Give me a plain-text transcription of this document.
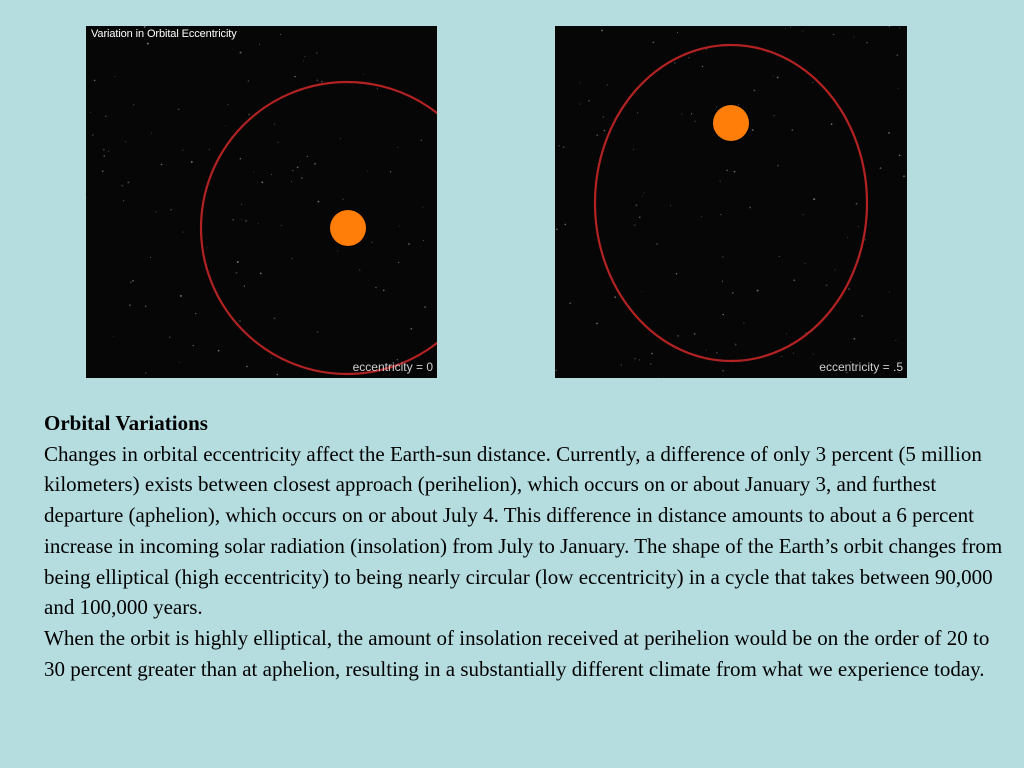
Variation in Orbital Eccentricity
eccentricity = 0	eccentricity = .5
Orbital Variations
Changes in orbital eccentricity affect the Earth-sun distance. Currently, a difference of only 3 percent (5 million kilometers) exists between closest approach (perihelion), which occurs on or about January 3, and furthest departure (aphelion), which occurs on or about July 4. This difference in distance amounts to about a 6 percent increase in incoming solar radiation (insolation) from July to January. The shape of the Earth’s orbit changes from being elliptical (high eccentricity) to being nearly circular (low eccentricity) in a cycle that takes between 90,000 and 100,000 years.
When the orbit is highly elliptical, the amount of insolation received at perihelion would be on the order of 20 to 30 percent greater than at aphelion, resulting in a substantially different climate from what we experience today.
